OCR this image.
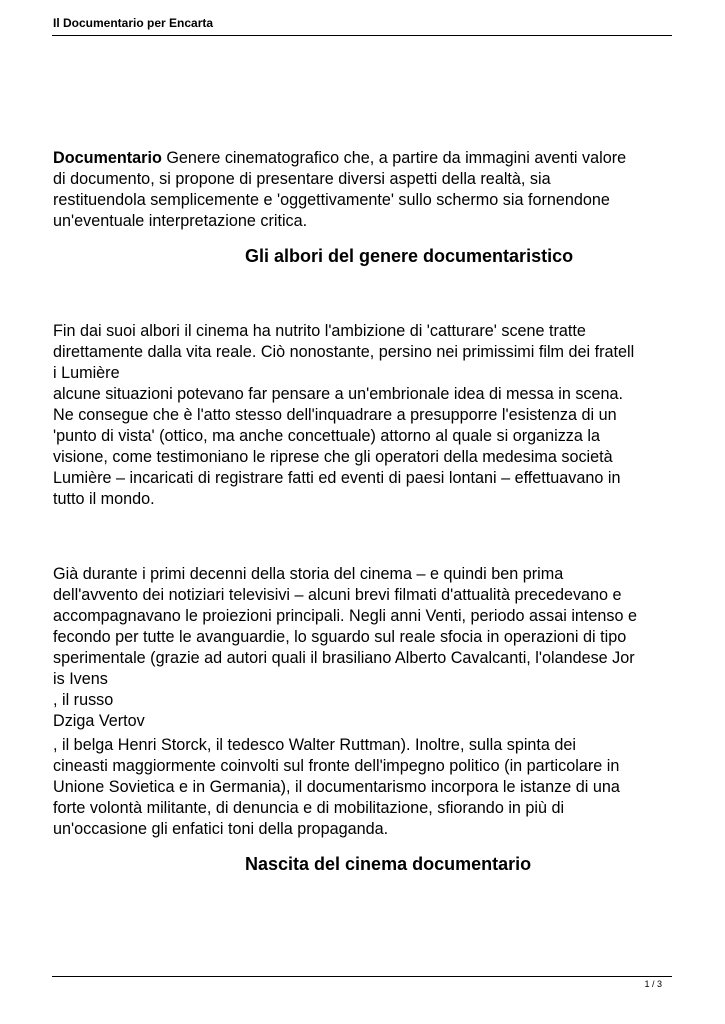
Il Documentario per Encarta
Documentario Genere cinematografico che, a partire da immagini aventi valore
di documento, si propone di presentare diversi aspetti della realtà, sia
restituendola semplicemente e 'oggettivamente' sullo schermo sia fornendone
un'eventuale interpretazione critica.
Gli albori del genere documentaristico
Fin dai suoi albori il cinema ha nutrito l'ambizione di 'catturare' scene tratte
direttamente dalla vita reale. Ciò nonostante, persino nei primissimi film dei fratell
i Lumière
alcune situazioni potevano far pensare a un'embrionale idea di messa in scena.
Ne consegue che è l'atto stesso dell'inquadrare a presupporre l'esistenza di un
'punto di vista' (ottico, ma anche concettuale) attorno al quale si organizza la
visione, come testimoniano le riprese che gli operatori della medesima società
Lumière – incaricati di registrare fatti ed eventi di paesi lontani – effettuavano in
tutto il mondo.
Già durante i primi decenni della storia del cinema – e quindi ben prima
dell'avvento dei notiziari televisivi – alcuni brevi filmati d'attualità precedevano e
accompagnavano le proiezioni principali. Negli anni Venti, periodo assai intenso e
fecondo per tutte le avanguardie, lo sguardo sul reale sfocia in operazioni di tipo
sperimentale (grazie ad autori quali il brasiliano Alberto Cavalcanti, l'olandese Jor
is Ivens
, il russo
Dziga Vertov
, il belga Henri Storck, il tedesco Walter Ruttman). Inoltre, sulla spinta dei
cineasti maggiormente coinvolti sul fronte dell'impegno politico (in particolare in
Unione Sovietica e in Germania), il documentarismo incorpora le istanze di una
forte volontà militante, di denuncia e di mobilitazione, sfiorando in più di
un'occasione gli enfatici toni della propaganda.
Nascita del cinema documentario
1 / 3
